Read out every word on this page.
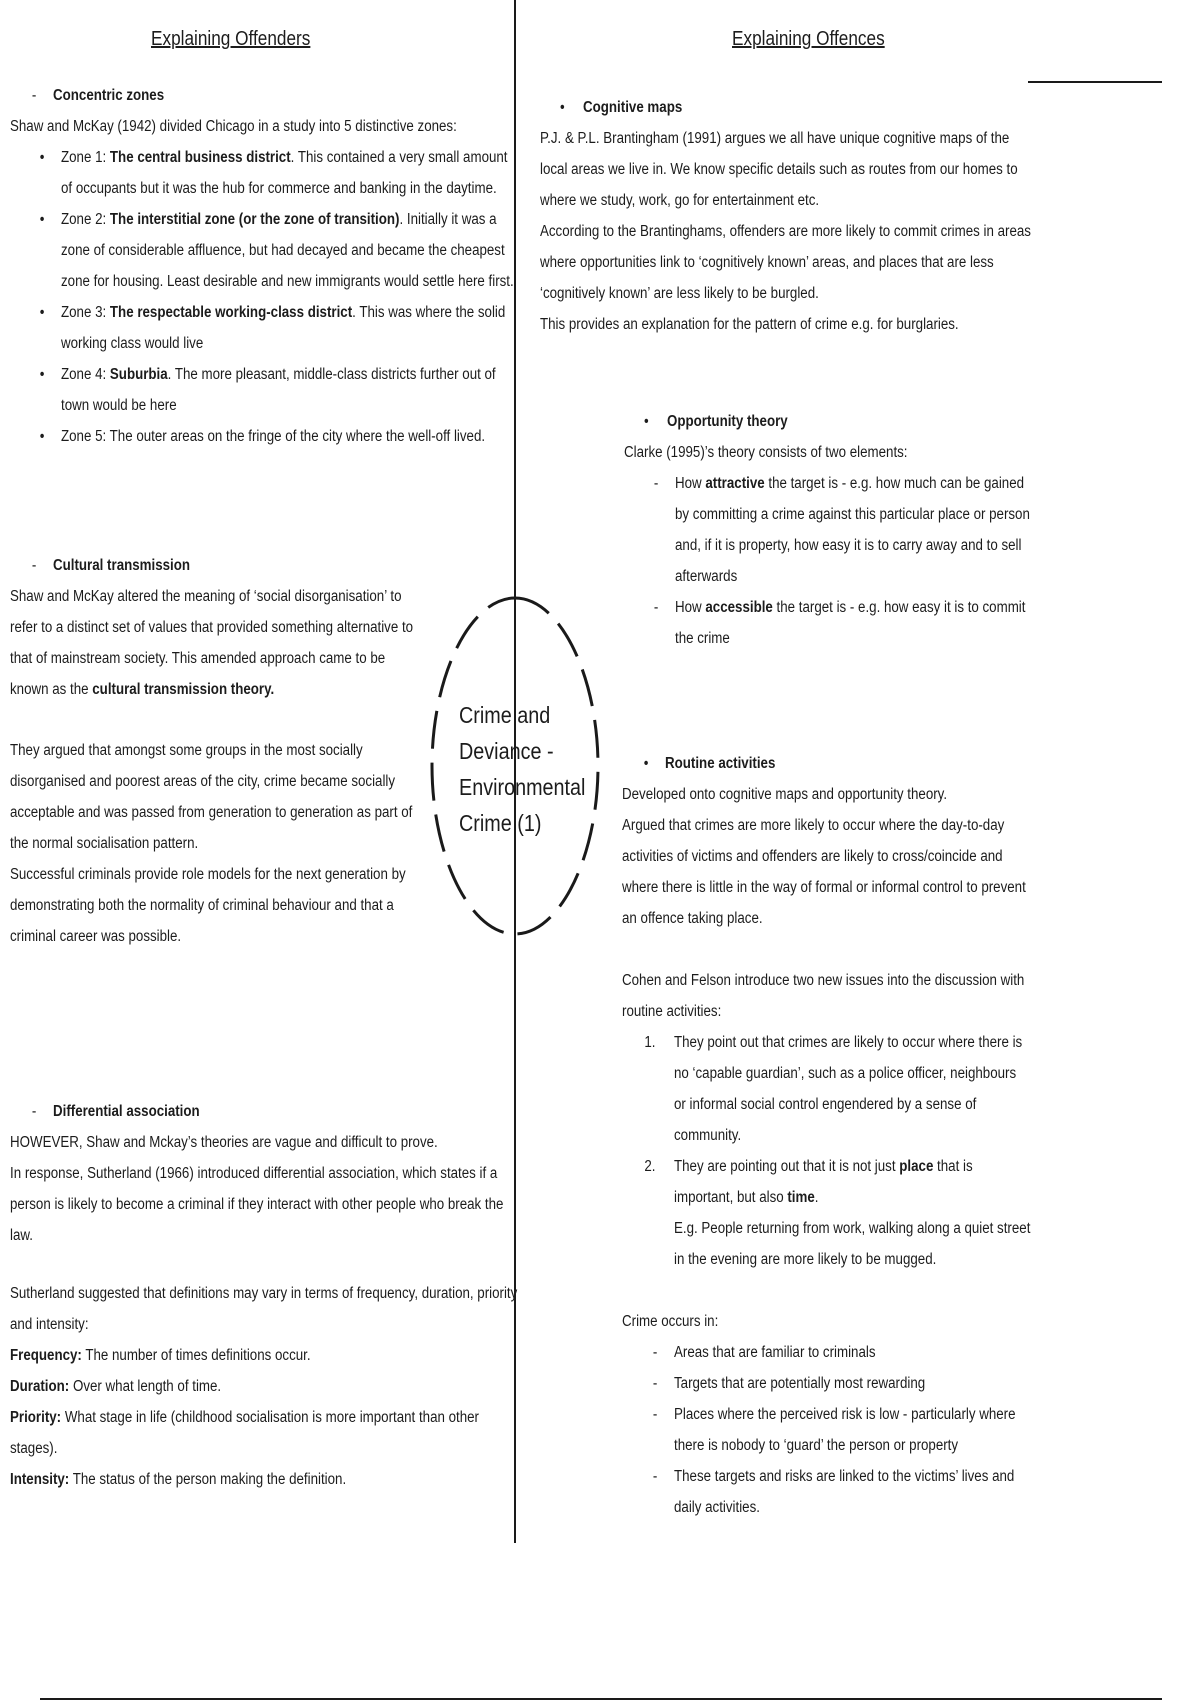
Explaining Offenders	Explaining Offences
-	Concentric zones
Shaw and McKay (1942) divided Chicago in a study into 5 distinctive zones:
•	Zone 1: The central business district. This contained a very small amount
of occupants but it was the hub for commerce and banking in the daytime.
•	Zone 2: The interstitial zone (or the zone of transition). Initially it was a
zone of considerable affluence, but had decayed and became the cheapest
zone for housing. Least desirable and new immigrants would settle here first.
•	Zone 3: The respectable working-class district. This was where the solid
working class would live
•	Zone 4: Suburbia. The more pleasant, middle-class districts further out of
town would be here
•	Zone 5: The outer areas on the fringe of the city where the well-off lived.
-	Cultural transmission
Shaw and McKay altered the meaning of ‘social disorganisation’ to
refer to a distinct set of values that provided something alternative to
that of mainstream society. This amended approach came to be
known as the cultural transmission theory.
They argued that amongst some groups in the most socially
disorganised and poorest areas of the city, crime became socially
acceptable and was passed from generation to generation as part of
the normal socialisation pattern.
Successful criminals provide role models for the next generation by
demonstrating both the normality of criminal behaviour and that a
criminal career was possible.
-	Differential association
HOWEVER, Shaw and Mckay’s theories are vague and difficult to prove.
In response, Sutherland (1966) introduced differential association, which states if a
person is likely to become a criminal if they interact with other people who break the
law.
Sutherland suggested that definitions may vary in terms of frequency, duration, priority
and intensity:
Frequency: The number of times definitions occur.
Duration: Over what length of time.
Priority: What stage in life (childhood socialisation is more important than other
stages).
Intensity: The status of the person making the definition.
Crime and
Deviance -
Environmental
Crime (1)
•	Cognitive maps
P.J. & P.L. Brantingham (1991) argues we all have unique cognitive maps of the
local areas we live in. We know specific details such as routes from our homes to
where we study, work, go for entertainment etc.
According to the Brantinghams, offenders are more likely to commit crimes in areas
where opportunities link to ‘cognitively known’ areas, and places that are less
‘cognitively known’ are less likely to be burgled.
This provides an explanation for the pattern of crime e.g. for burglaries.
•	Opportunity theory
Clarke (1995)’s theory consists of two elements:
-	How attractive the target is - e.g. how much can be gained
by committing a crime against this particular place or person
and, if it is property, how easy it is to carry away and to sell
afterwards
-	How accessible the target is - e.g. how easy it is to commit
the crime
•	Routine activities
Developed onto cognitive maps and opportunity theory.
Argued that crimes are more likely to occur where the day-to-day
activities of victims and offenders are likely to cross/coincide and
where there is little in the way of formal or informal control to prevent
an offence taking place.
Cohen and Felson introduce two new issues into the discussion with
routine activities:
1. They point out that crimes are likely to occur where there is
no ‘capable guardian’, such as a police officer, neighbours
or informal social control engendered by a sense of
community.
2. They are pointing out that it is not just place that is
important, but also time.
E.g. People returning from work, walking along a quiet street
in the evening are more likely to be mugged.
Crime occurs in:
-	Areas that are familiar to criminals
-	Targets that are potentially most rewarding
-	Places where the perceived risk is low - particularly where
there is nobody to ‘guard’ the person or property
-	These targets and risks are linked to the victims’ lives and
daily activities.
